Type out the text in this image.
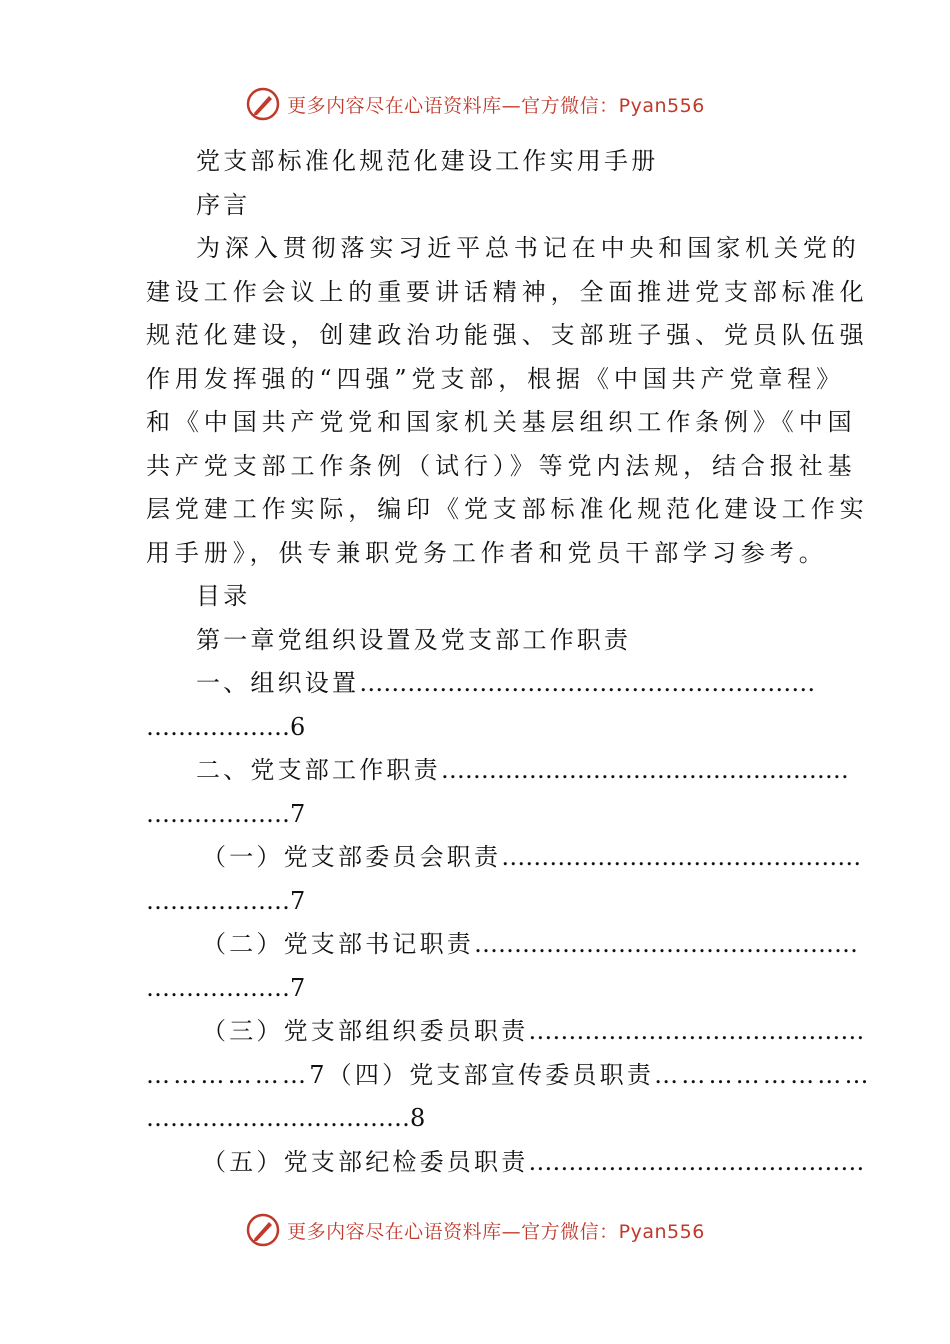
更多内容尽在心语资料库—官方微信：Pyan556
党支部标准化规范化建设工作实用手册
序言
为深入贯彻落实习近平总书记在中央和国家机关党的
建设工作会议上的重要讲话精神，全面推进党支部标准化
规范化建设，创建政治功能强、支部班子强、党员队伍强
作用发挥强的“四强”党支部，根据《中国共产党章程》
和《中国共产党党和国家机关基层组织工作条例》《中国
共产党支部工作条例（试行）》等党内法规，结合报社基
层党建工作实际，编印《党支部标准化规范化建设工作实
用手册》，供专兼职党务工作者和党员干部学习参考。
目录
第一章党组织设置及党支部工作职责
一、组织设置…………………………………………………
………………6
二、党支部工作职责……………………………………………
………………7
（一）党支部委员会职责………………………………………
………………7
（二）党支部书记职责…………………………………………
………………7
（三）党支部组织委员职责……………………………………
………………7（四）党支部宣传委员职责……………………
……………………………8
（五）党支部纪检委员职责……………………………………
更多内容尽在心语资料库—官方微信：Pyan556
